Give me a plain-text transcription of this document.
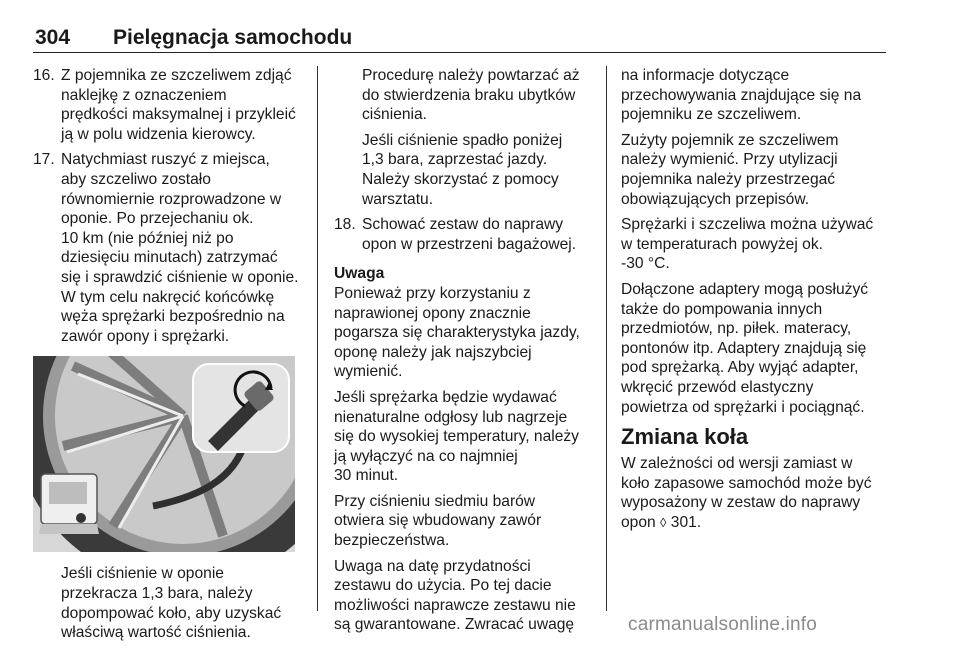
304 Pielęgnacja samochodu
16. Z pojemnika ze szczeliwem zdjąć
naklejkę z oznaczeniem
prędkości maksymalnej i przykleić
ją w polu widzenia kierowcy.
17. Natychmiast ruszyć z miejsca,
aby szczeliwo zostało
równomiernie rozprowadzone w
oponie. Po przejechaniu ok.
10 km (nie później niż po
dziesięciu minutach) zatrzymać
się i sprawdzić ciśnienie w oponie.
W tym celu nakręcić końcówkę
węża sprężarki bezpośrednio na
zawór opony i sprężarki.
Jeśli ciśnienie w oponie
przekracza 1,3 bara, należy
dopompować koło, aby uzyskać
właściwą wartość ciśnienia.
Procedurę należy powtarzać aż
do stwierdzenia braku ubytków
ciśnienia.
Jeśli ciśnienie spadło poniżej
1,3 bara, zaprzestać jazdy.
Należy skorzystać z pomocy
warsztatu.
18. Schować zestaw do naprawy
opon w przestrzeni bagażowej.
Uwaga
Ponieważ przy korzystaniu z
naprawionej opony znacznie
pogarsza się charakterystyka jazdy,
oponę należy jak najszybciej
wymienić.
Jeśli sprężarka będzie wydawać
nienaturalne odgłosy lub nagrzeje
się do wysokiej temperatury, należy
ją wyłączyć na co najmniej
30 minut.
Przy ciśnieniu siedmiu barów
otwiera się wbudowany zawór
bezpieczeństwa.
Uwaga na datę przydatności
zestawu do użycia. Po tej dacie
możliwości naprawcze zestawu nie
są gwarantowane. Zwracać uwagę
na informacje dotyczące
przechowywania znajdujące się na
pojemniku ze szczeliwem.
Zużyty pojemnik ze szczeliwem
należy wymienić. Przy utylizacji
pojemnika należy przestrzegać
obowiązujących przepisów.
Sprężarki i szczeliwa można używać
w temperaturach powyżej ok.
-30 °C.
Dołączone adaptery mogą posłużyć
także do pompowania innych
przedmiotów, np. piłek. materacy,
pontonów itp. Adaptery znajdują się
pod sprężarką. Aby wyjąć adapter,
wkręcić przewód elastyczny
powietrza od sprężarki i pociągnąć.
Zmiana koła
W zależności od wersji zamiast w
koło zapasowe samochód może być
wyposażony w zestaw do naprawy
opon ◊ 301.
carmanualsonline.info
